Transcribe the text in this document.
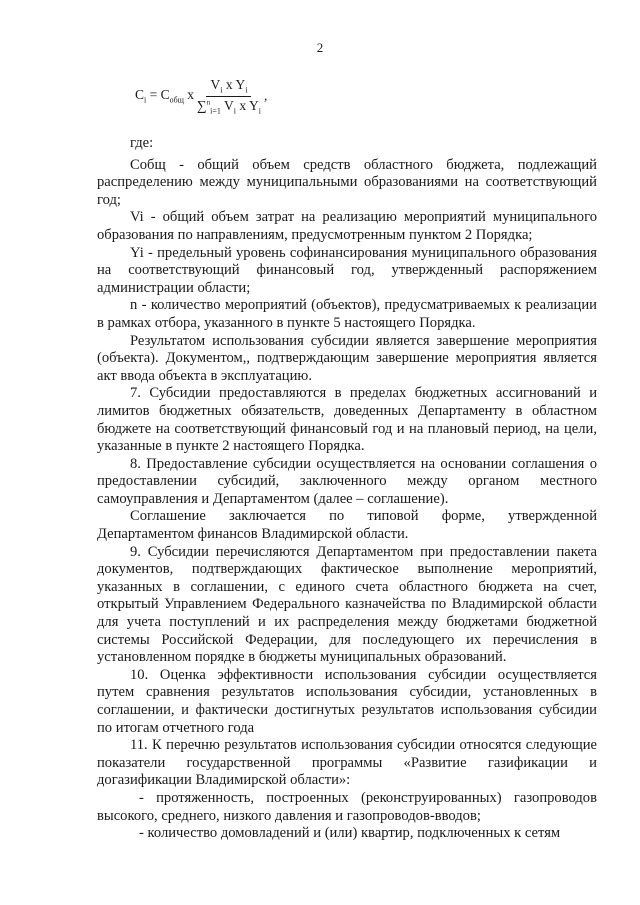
2
$C_i = C_{общ}$ x $\frac{V_i x Y_i}{\sum^n_{i=1} V_i x Y_i}$ ,

где:

Собщ - общий объем средств областного бюджета, подлежащий распределению между муниципальными образованиями на соответствующий год;

Vi - общий объем затрат на реализацию мероприятий муниципального образования по направлениям, предусмотренным пунктом 2 Порядка;

Yi - предельный уровень софинансирования муниципального образования на соответствующий финансовый год, утвержденный распоряжением администрации области;

n - количество мероприятий (объектов), предусматриваемых к реализации в рамках отбора, указанного в пункте 5 настоящего Порядка.

Результатом использования субсидии является завершение мероприятия (объекта). Документом,, подтверждающим завершение мероприятия является акт ввода объекта в эксплуатацию.

7. Субсидии предоставляются в пределах бюджетных ассигнований и лимитов бюджетных обязательств, доведенных Департаменту в областном бюджете на соответствующий финансовый год и на плановый период, на цели, указанные в пункте 2 настоящего Порядка.

8. Предоставление субсидии осуществляется на основании соглашения о предоставлении субсидий, заключенного между органом местного самоуправления и Департаментом (далее – соглашение).

Соглашение заключается по типовой форме, утвержденной Департаментом финансов Владимирской области.

9. Субсидии перечисляются Департаментом при предоставлении пакета документов, подтверждающих фактическое выполнение мероприятий, указанных в соглашении, с единого счета областного бюджета на счет, открытый Управлением Федерального казначейства по Владимирской области для учета поступлений и их распределения между бюджетами бюджетной системы Российской Федерации, для последующего их перечисления в установленном порядке в бюджеты муниципальных образований.

10. Оценка эффективности использования субсидии осуществляется путем сравнения результатов использования субсидии, установленных в соглашении, и фактически достигнутых результатов использования субсидии по итогам отчетного года

11. К перечню результатов использования субсидии относятся следующие показатели государственной программы «Развитие газификации и догазификации Владимирской области»:

- протяженность, построенных (реконструированных) газопроводов высокого, среднего, низкого давления и газопроводов-вводов;

- количество домовладений и (или) квартир, подключенных к сетям
